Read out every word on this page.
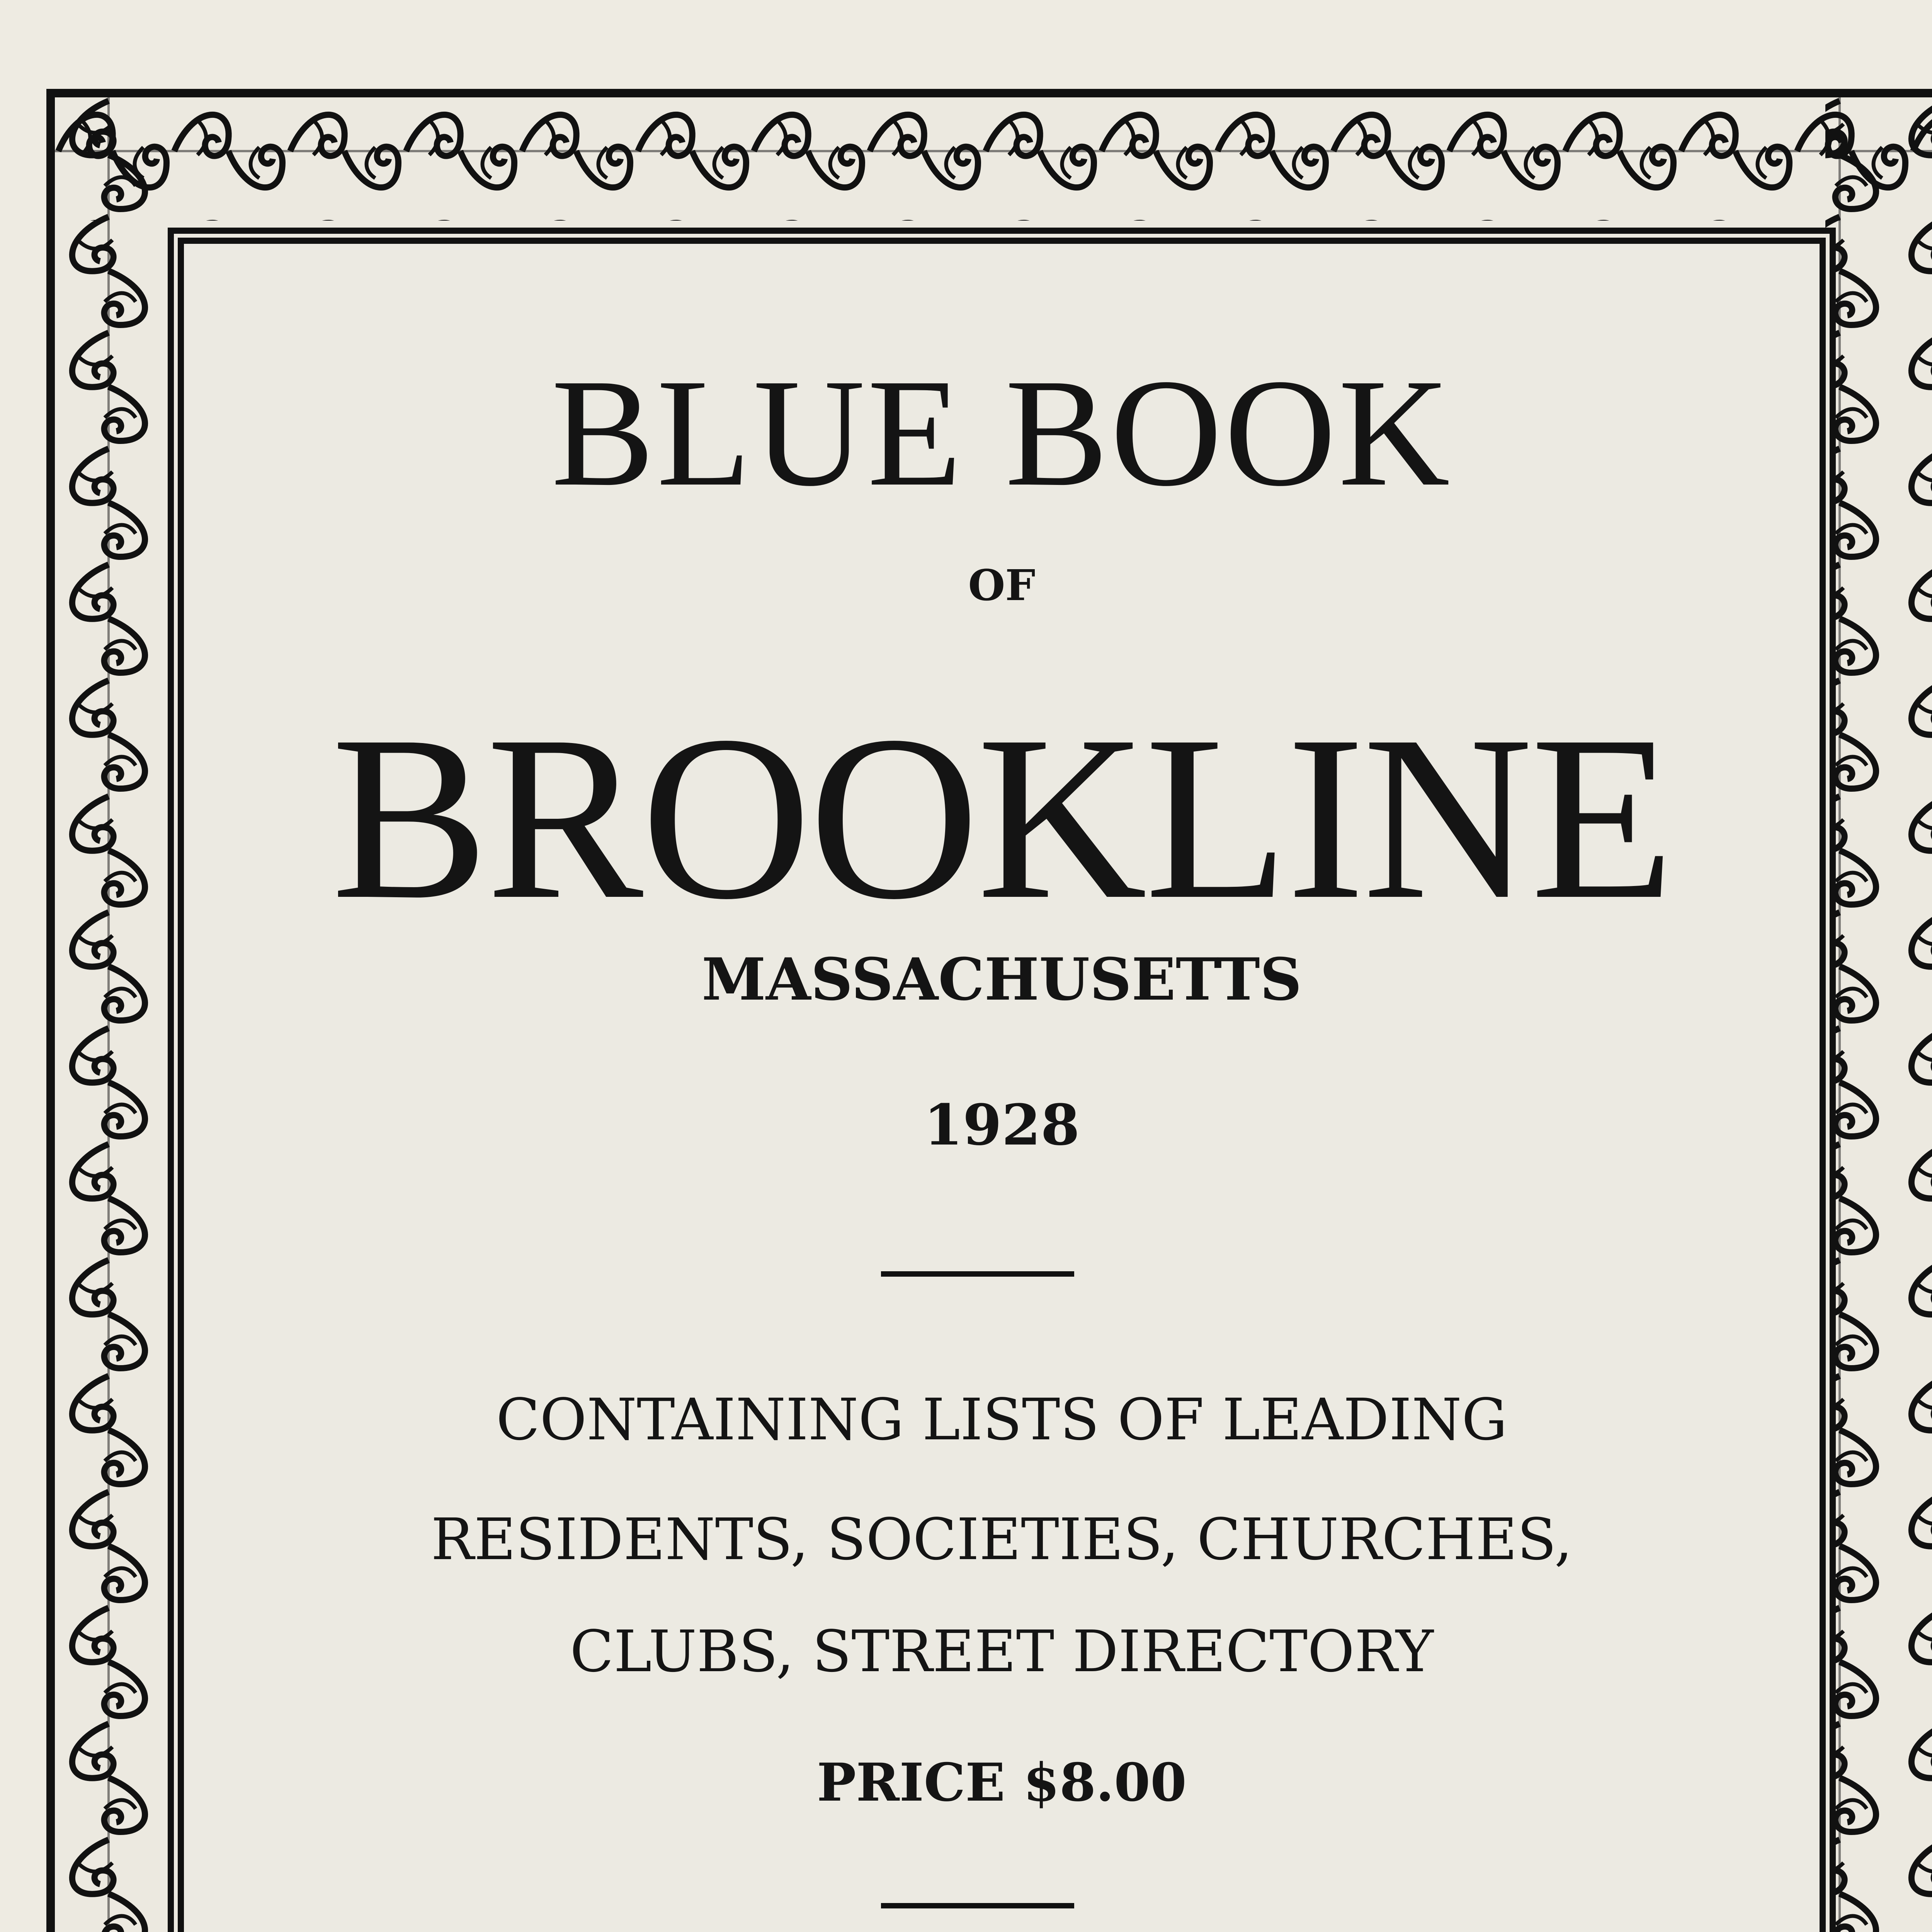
BLUE BOOK
OF
BROOKLINE
MASSACHUSETTS
1928
CONTAINING LISTS OF LEADING
RESIDENTS, SOCIETIES, CHURCHES,
CLUBS, STREET DIRECTORY
PRICE $8.00
